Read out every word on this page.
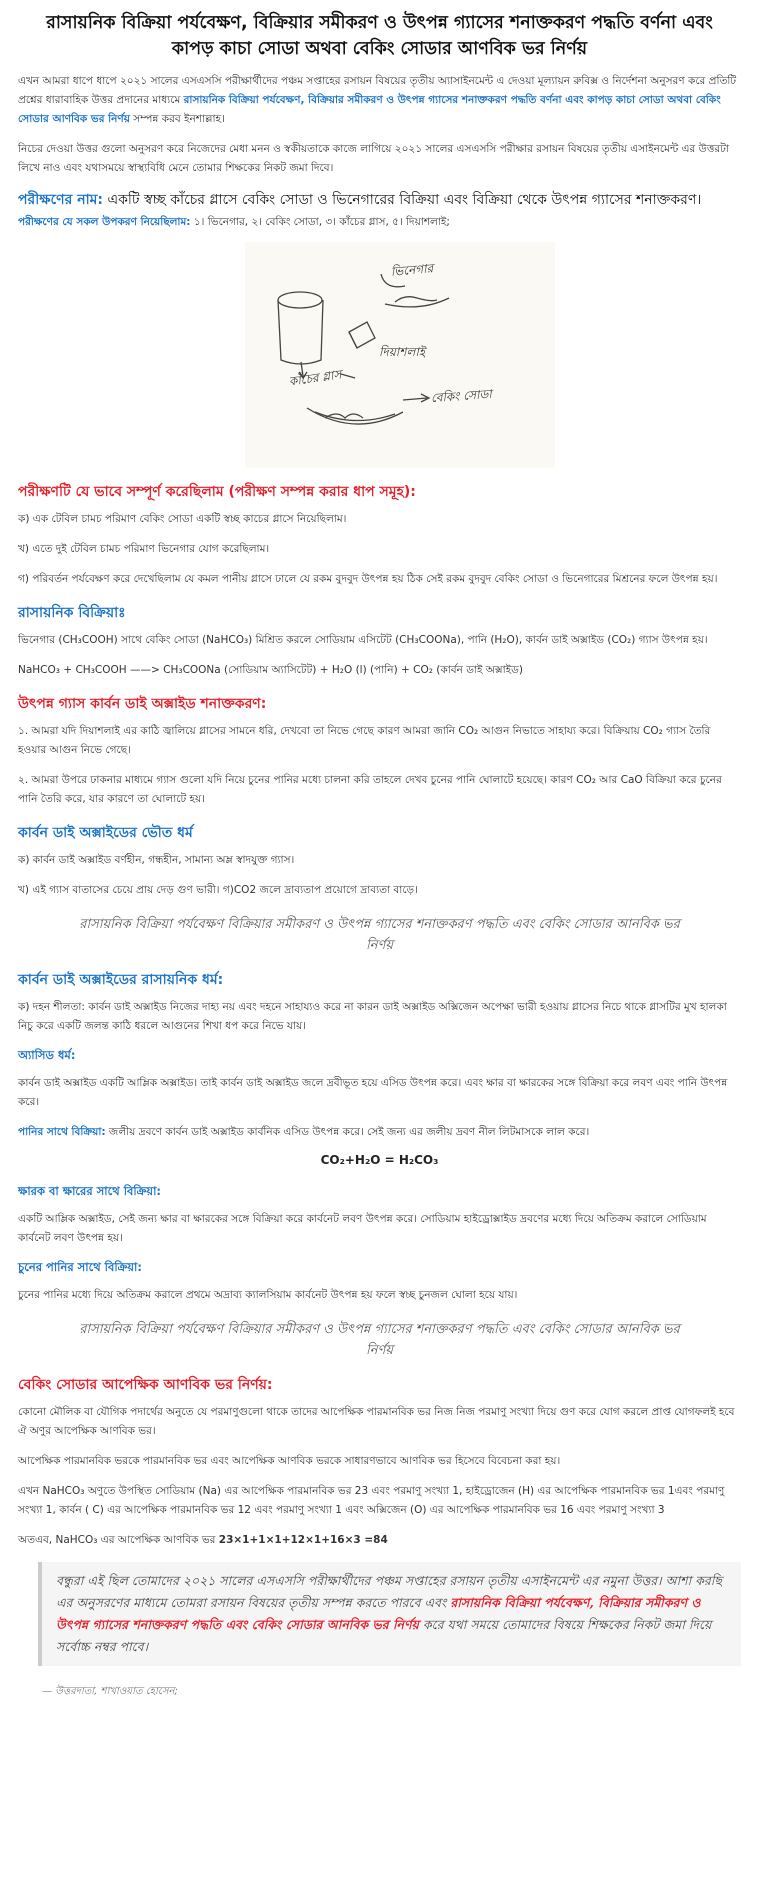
রাসায়নিক বিক্রিয়া পর্যবেক্ষণ, বিক্রিয়ার সমীকরণ ও উৎপন্ন গ্যাসের শনাক্তকরণ পদ্ধতি বর্ণনা এবং কাপড় কাচা সোডা অথবা বেকিং সোডার আণবিক ভর নির্ণয়

এখন আমরা ধাপে ধাপে ২০২১ সালের এসএসসি পরীক্ষার্থীদের পঞ্চম সপ্তাহের রসায়ন বিষয়ের তৃতীয় অ্যাসাইনমেন্ট এ দেওয়া মূল্যায়ন রুবিক্স ও নির্দেশনা অনুসরণ করে প্রতিটি প্রশ্নের ধারাবাহিক উত্তর প্রদানের মাধ্যমে রাসায়নিক বিক্রিয়া পর্যবেক্ষণ, বিক্রিয়ার সমীকরণ ও উৎপন্ন গ্যাসের শনাক্তকরণ পদ্ধতি বর্ণনা এবং কাপড় কাচা সোডা অথবা বেকিং সোডার আণবিক ভর নির্ণয় সম্পন্ন করব ইনশাল্লাহ।

নিচের দেওয়া উত্তর গুলো অনুসরণ করে নিজেদের মেধা মনন ও স্বকীয়তাকে কাজে লাগিয়ে ২০২১ সালের এসএসসি পরীক্ষার রসায়ন বিষয়ের তৃতীয় এসাইনমেন্ট এর উত্তরটা লিখে নাও এবং যথাসময়ে স্বাস্থ্যবিধি মেনে তোমার শিক্ষকের নিকট জমা দিবে।

পরীক্ষণের নাম: একটি স্বচ্ছ কাঁচের গ্লাসে বেকিং সোডা ও ভিনেগারের বিক্রিয়া এবং বিক্রিয়া থেকে উৎপন্ন গ্যাসের শনাক্তকরণ।
পরীক্ষণের যে সকল উপকরণ নিয়েছিলাম: ১। ভিনেগার, ২। বেকিং সোডা, ৩। কাঁচের গ্লাস, ৫। দিয়াশলাই;
ভিনেগার
দিয়াশলাই
কাঁচের গ্লাস
বেকিং সোডা
পরীক্ষণটি যে ভাবে সম্পূর্ণ করেছিলাম (পরীক্ষণ সম্পন্ন করার ধাপ সমূহ):

ক) এক টেবিল চামচ পরিমাণ বেকিং সোডা একটি স্বচ্ছ কাচের গ্লাসে নিয়েছিলাম।

খ) এতে দুই টেবিল চামচ পরিমাণ ভিনেগার যোগ করেছিলাম।

গ) পরিবর্তন পর্যবেক্ষণ করে দেখেছিলাম যে কমল পানীয় গ্লাসে ঢালে যে রকম বুদবুদ উৎপন্ন হয় ঠিক সেই রকম বুদবুদ বেকিং সোডা ও ভিনেগারের মিশ্রনের ফলে উৎপন্ন হয়।

রাসায়নিক বিক্রিয়াঃ

ভিনেগার (CH₃COOH) সাথে বেকিং সোডা (NaHCO₃) মিশ্রিত করলে সোডিয়াম এসিটেট (CH₃COONa), পানি (H₂O), কার্বন ডাই অক্সাইড (CO₂) গ্যাস উৎপন্ন হয়।

NaHCO₃ + CH₃COOH ——> CH₃COONa (সোডিয়াম অ্যাসিটেট) + H₂O (l) (পানি) + CO₂ (কার্বন ডাই অক্সাইড)

উৎপন্ন গ্যাস কার্বন ডাই অক্সাইড শনাক্তকরণ:

১. আমরা যদি দিয়াশলাই এর কাঠি জ্বালিয়ে গ্লাসের সামনে ধরি, দেখবো তা নিভে গেছে কারণ আমরা জানি CO₂ আগুন নিভাতে সাহায্য করে। বিক্রিয়ায় CO₂ গ্যাস তৈরি হওয়ার আগুন নিভে গেছে।

২. আমরা উপরে ঢাকনার মাধ্যমে গ্যাস গুলো যদি নিয়ে চুনের পানির মধ্যে চালনা করি তাহলে দেখব চুনের পানি ঘোলাটে হয়েছে। কারণ CO₂ আর CaO বিক্রিয়া করে চুনের পানি তৈরি করে, যার কারণে তা ঘোলাটে হয়।

কার্বন ডাই অক্সাইডের ভৌত ধর্ম

ক) কার্বন ডাই অক্সাইড বর্ণহীন, গন্ধহীন, সামান্য অম্ল স্বাদযুক্ত গ্যাস।

খ) এই গ্যাস বাতাসের চেয়ে প্রায় দেড় গুণ ভারী। গ)CO2 জলে দ্রাব্যতাপ প্রয়োগে দ্রাব্যতা বাড়ে।

রাসায়নিক বিক্রিয়া পর্যবেক্ষণ বিক্রিয়ার সমীকরণ ও উৎপন্ন গ্যাসের শনাক্তকরণ পদ্ধতি এবং বেকিং সোডার আনবিক ভর নির্ণয়
কার্বন ডাই অক্সাইডের রাসায়নিক ধর্ম:

ক) দহন শীলতা: কার্বন ডাই অক্সাইড নিজের দাহ্য নয় এবং দহনে সাহায্যও করে না কারন ডাই অক্সাইড অক্সিজেন অপেক্ষা ভারী হওয়ায় গ্লাসের নিচে থাকে গ্লাসটির মুখ হালকা নিচু করে একটি জলন্ত কাঠি ধরলে আগুনের শিখা ধপ করে নিভে যায়।

অ্যাসিড ধর্ম:

কার্বন ডাই অক্সাইড একটি আম্লিক অক্সাইড। তাই কার্বন ডাই অক্সাইড জলে দ্রবীভূত হয়ে এসিড উৎপন্ন করে। এবং ক্ষার বা ক্ষারকের সঙ্গে বিক্রিয়া করে লবণ এবং পানি উৎপন্ন করে।

পানির সাথে বিক্রিয়া: জলীয় দ্রবণে কার্বন ডাই অক্সাইড কার্বনিক এসিড উৎপন্ন করে। সেই জন্য এর জলীয় দ্রবণ নীল লিটমাসকে লাল করে।

CO₂+H₂O = H₂CO₃
ক্ষারক বা ক্ষারের সাথে বিক্রিয়া:

একটি আম্লিক অক্সাইড, সেই জন্য ক্ষার বা ক্ষারকের সঙ্গে বিক্রিয়া করে কার্বনেট লবণ উৎপন্ন করে। সোডিয়াম হাইড্রোক্সাইড দ্রবণের মধ্যে দিয়ে অতিক্রম করালে সোডিয়াম কার্বনেট লবণ উৎপন্ন হয়।

চুনের পানির সাথে বিক্রিয়া:

চুনের পানির মধ্যে দিয়ে অতিক্রম করালে প্রথমে অদ্রাব্য ক্যালসিয়াম কার্বনেট উৎপন্ন হয় ফলে স্বচ্ছ চুনজল ঘোলা হয়ে যায়।

রাসায়নিক বিক্রিয়া পর্যবেক্ষণ বিক্রিয়ার সমীকরণ ও উৎপন্ন গ্যাসের শনাক্তকরণ পদ্ধতি এবং বেকিং সোডার আনবিক ভর নির্ণয়
বেকিং সোডার আপেক্ষিক আণবিক ভর নির্ণয়:

কোনো মৌলিক বা যৌগিক পদার্থের অনুতে যে পরমাণুগুলো থাকে তাদের আপেক্ষিক পারমানবিক ভর নিজ নিজ পরমাণু সংখ্যা দিয়ে গুণ করে যোগ করলে প্রাপ্ত যোগফলই হবে ঐ অণুর আপেক্ষিক আণবিক ভর।

আপেক্ষিক পারমানবিক ভরকে পারমানবিক ভর এবং আপেক্ষিক আণবিক ভরকে সাধারণভাবে আণবিক ভর হিসেবে বিবেচনা করা হয়।

এখন NaHCO₃ অণুতে উপস্থিত সোডিয়াম (Na) এর আপেক্ষিক পারমানবিক ভর 23 এবং পরমাণু সংখ্যা 1, হাইড্রোজেন (H) এর আপেক্ষিক পারমানবিক ভর 1এবং পরমাণু সংখ্যা 1, কার্বন ( C) এর আপেক্ষিক পারমানবিক ভর 12 এবং পরমাণু সংখ্যা 1 এবং অক্সিজেন (O) এর আপেক্ষিক পারমানবিক ভর 16 এবং পরমাণু সংখ্যা 3

অতএব, NaHCO₃ এর আপেক্ষিক আণবিক ভর 23×1+1×1+12×1+16×3 =84

বন্ধুরা এই ছিল তোমাদের ২০২১ সালের এসএসসি পরীক্ষার্থীদের পঞ্চম সপ্তাহের রসায়ন তৃতীয় এসাইনমেন্ট এর নমুনা উত্তর। আশা করছি এর অনুসরণের মাধ্যমে তোমরা রসায়ন বিষয়ের তৃতীয় সম্পন্ন করতে পারবে এবং রাসায়নিক বিক্রিয়া পর্যবেক্ষণ, বিক্রিয়ার সমীকরণ ও উৎপন্ন গ্যাসের শনাক্তকরণ পদ্ধতি এবং বেকিং সোডার আনবিক ভর নির্ণয় করে যথা সময়ে তোমাদের বিষয়ে শিক্ষকের নিকট জমা দিয়ে সর্বোচ্চ নম্বর পাবে।
— উত্তরদাতা, শাখাওয়াত হোসেন;
